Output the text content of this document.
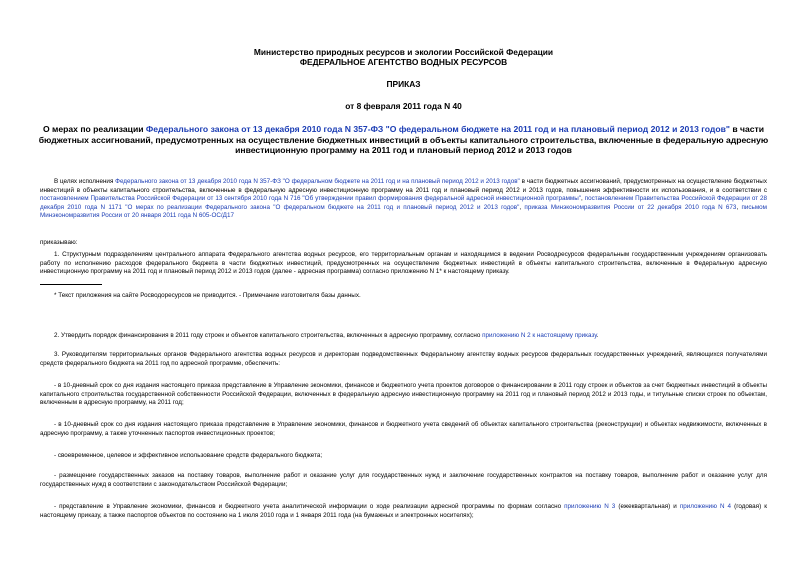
Министерство природных ресурсов и экологии Российской Федерации
ФЕДЕРАЛЬНОЕ АГЕНТСТВО ВОДНЫХ РЕСУРСОВ
ПРИКАЗ
от 8 февраля 2011 года N 40
О мерах по реализации Федерального закона от 13 декабря 2010 года N 357-ФЗ "О федеральном бюджете на 2011 год и на плановый период 2012 и 2013 годов" в части бюджетных ассигнований, предусмотренных на осуществление бюджетных инвестиций в объекты капитального строительства, включенные в федеральную адресную инвестиционную программу на 2011 год и плановый период 2012 и 2013 годов

В целях исполнения Федерального закона от 13 декабря 2010 года N 357-ФЗ "О федеральном бюджете на 2011 год и на плановый период 2012 и 2013 годов" в части бюджетных ассигнований, предусмотренных на осуществление бюджетных инвестиций в объекты капитального строительства, включенные в федеральную адресную инвестиционную программу на 2011 год и плановый период 2012 и 2013 годов, повышения эффективности их использования, и в соответствии с постановлением Правительства Российской Федерации от 13 сентября 2010 года N 716 "Об утверждении правил формирования федеральной адресной инвестиционной программы", постановлением Правительства Российской Федерации от 28 декабря 2010 года N 1171 "О мерах по реализации Федерального закона "О федеральном бюджете на 2011 год и плановый период 2012 и 2013 годов", приказа Минэкономразвития России от 22 декабря 2010 года N 673, письмом Минэкономразвития России от 20 января 2011 года N 605-ОС/Д17

приказываю:

1. Структурным подразделениям центрального аппарата Федерального агентства водных ресурсов, его территориальным органам и находящимся в ведении Росводресурсов федеральным государственным учреждениям организовать работу по исполнению расходов федерального бюджета в части бюджетных инвестиций, предусмотренных на осуществление бюджетных инвестиций в объекты капитального строительства, включенные в Федеральную адресную инвестиционную программу на 2011 год и плановый период 2012 и 2013 годов (далее - адресная программа) согласно приложению N 1* к настоящему приказу.

* Текст приложения на сайте Росводоресурсов не приводится. - Примечание изготовителя базы данных.

2. Утвердить порядок финансирования в 2011 году строек и объектов капитального строительства, включенных в адресную программу, согласно приложению N 2 к настоящему приказу.

3. Руководителям территориальных органов Федерального агентства водных ресурсов и директорам подведомственных Федеральному агентству водных ресурсов федеральных государственных учреждений, являющихся получателями средств федерального бюджета на 2011 год по адресной программе, обеспечить:

- в 10-дневный срок со дня издания настоящего приказа представление в Управление экономики, финансов и бюджетного учета проектов договоров о финансировании в 2011 году строек и объектов за счет бюджетных инвестиций в объекты капитального строительства государственной собственности Российской Федерации, включенных в федеральную адресную инвестиционную программу на 2011 год и плановый период 2012 и 2013 годы, и титульные списки строек по объектам, включенным в адресную программу, на 2011 год;

- в 10-дневный срок со дня издания настоящего приказа представление в Управление экономики, финансов и бюджетного учета сведений об объектах капитального строительства (реконструкции) и объектах недвижимости, включенных в адресную программу, а также уточненных паспортов инвестиционных проектов;

- своевременное, целевое и эффективное использование средств федерального бюджета;

- размещение государственных заказов на поставку товаров, выполнение работ и оказание услуг для государственных нужд и заключение государственных контрактов на поставку товаров, выполнение работ и оказание услуг для государственных нужд в соответствии с законодательством Российской Федерации;

- представление в Управление экономики, финансов и бюджетного учета аналитической информации о ходе реализации адресной программы по формам согласно приложению N 3 (ежеквартальная) и приложению N 4 (годовая) к настоящему приказу, а также паспортов объектов по состоянию на 1 июля 2010 года и 1 января 2011 года (на бумажных и электронных носителях);
